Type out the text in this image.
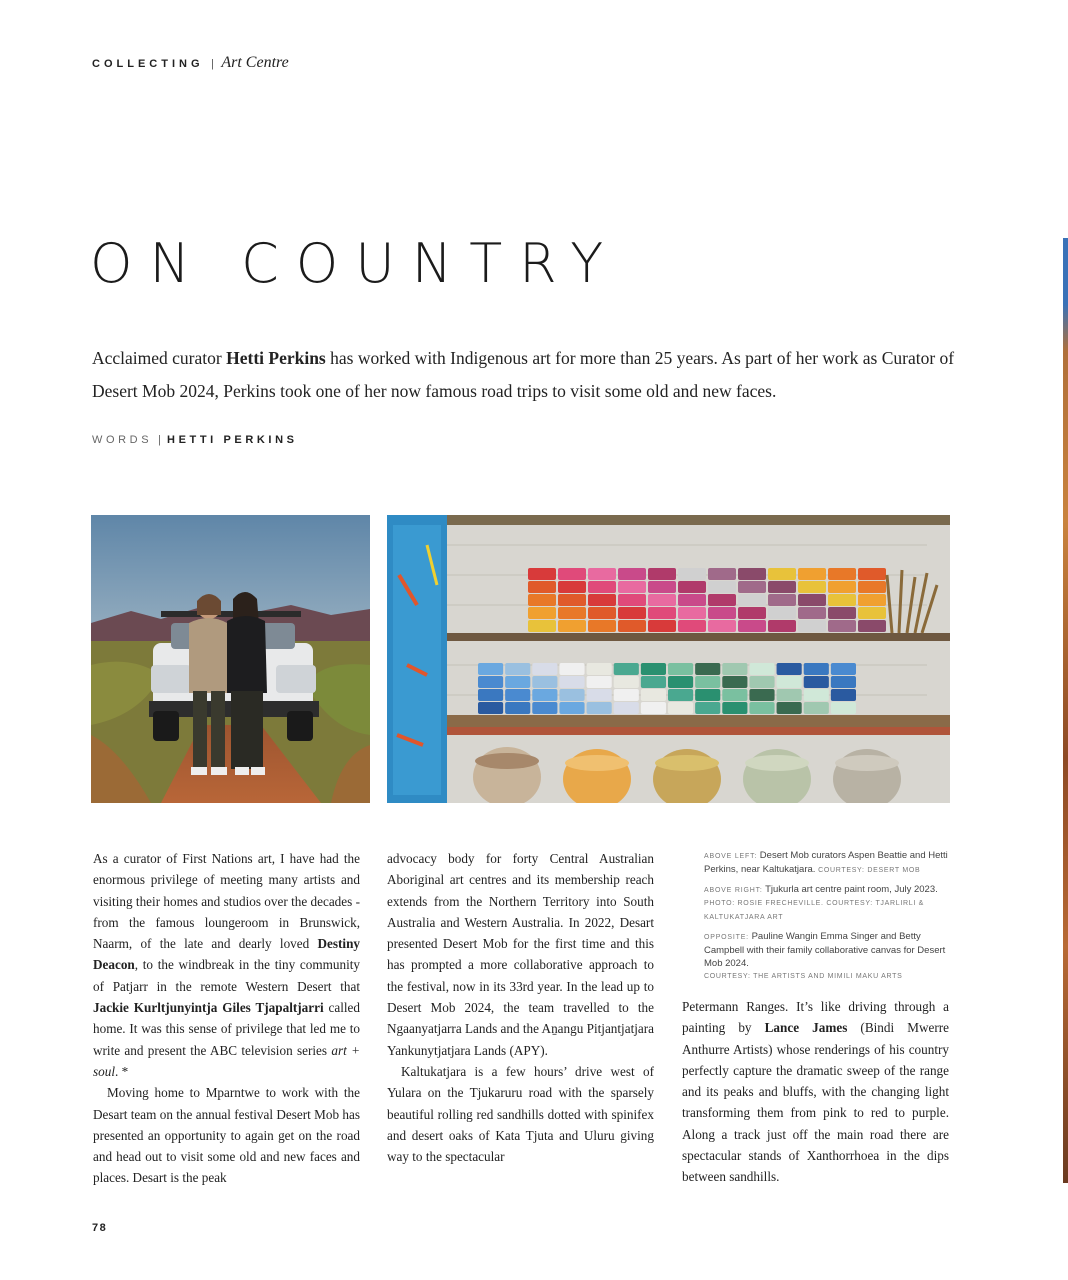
COLLECTING | Art Centre
ON COUNTRY

Acclaimed curator Hetti Perkins has worked with Indigenous art for more than 25 years. As part of her work as Curator of Desert Mob 2024, Perkins took one of her now famous road trips to visit some old and new faces.

WORDS | HETTI PERKINS

As a curator of First Nations art, I have had the enormous privilege of meeting many artists and visiting their homes and studios over the decades - from the famous loungeroom in Brunswick, Naarm, of the late and dearly loved Destiny Deacon, to the windbreak in the tiny community of Patjarr in the remote Western Desert that Jackie Kurltjunyintja Giles Tjapaltjarri called home. It was this sense of privilege that led me to write and present the ABC television series art + soul. *

Moving home to Mparntwe to work with the Desart team on the annual festival Desert Mob has presented an opportunity to again get on the road and head out to visit some old and new faces and places. Desart is the peak

advocacy body for forty Central Australian Aboriginal art centres and its membership reach extends from the Northern Territory into South Australia and Western Australia. In 2022, Desart presented Desert Mob for the first time and this has prompted a more collaborative approach to the festival, now in its 33rd year. In the lead up to Desert Mob 2024, the team travelled to the Ngaanyatjarra Lands and the Aṉangu Pitjantjatjara Yankunytjatjara Lands (APY).

Kaltukatjara is a few hours’ drive west of Yulara on the Tjukaruru road with the sparsely beautiful rolling red sandhills dotted with spinifex and desert oaks of Kata Tjuta and Uluru giving way to the spectacular

ABOVE LEFT: Desert Mob curators Aspen Beattie and Hetti Perkins, near Kaltukatjara. COURTESY: DESERT MOB

ABOVE RIGHT: Tjukurla art centre paint room, July 2023.
PHOTO: ROSIE FRECHEVILLE. COURTESY: TJARLIRLI & KALTUKATJARA ART

OPPOSITE: Pauline Wangin Emma Singer and Betty Campbell with their family collaborative canvas for Desert Mob 2024.
COURTESY: THE ARTISTS AND MIMILI MAKU ARTS

Petermann Ranges. It’s like driving through a painting by Lance James (Bindi Mwerre Anthurre Artists) whose renderings of his country perfectly capture the dramatic sweep of the range and its peaks and bluffs, with the changing light transforming them from pink to red to purple. Along a track just off the main road there are spectacular stands of Xanthorrhoea in the dips between sandhills.

78
